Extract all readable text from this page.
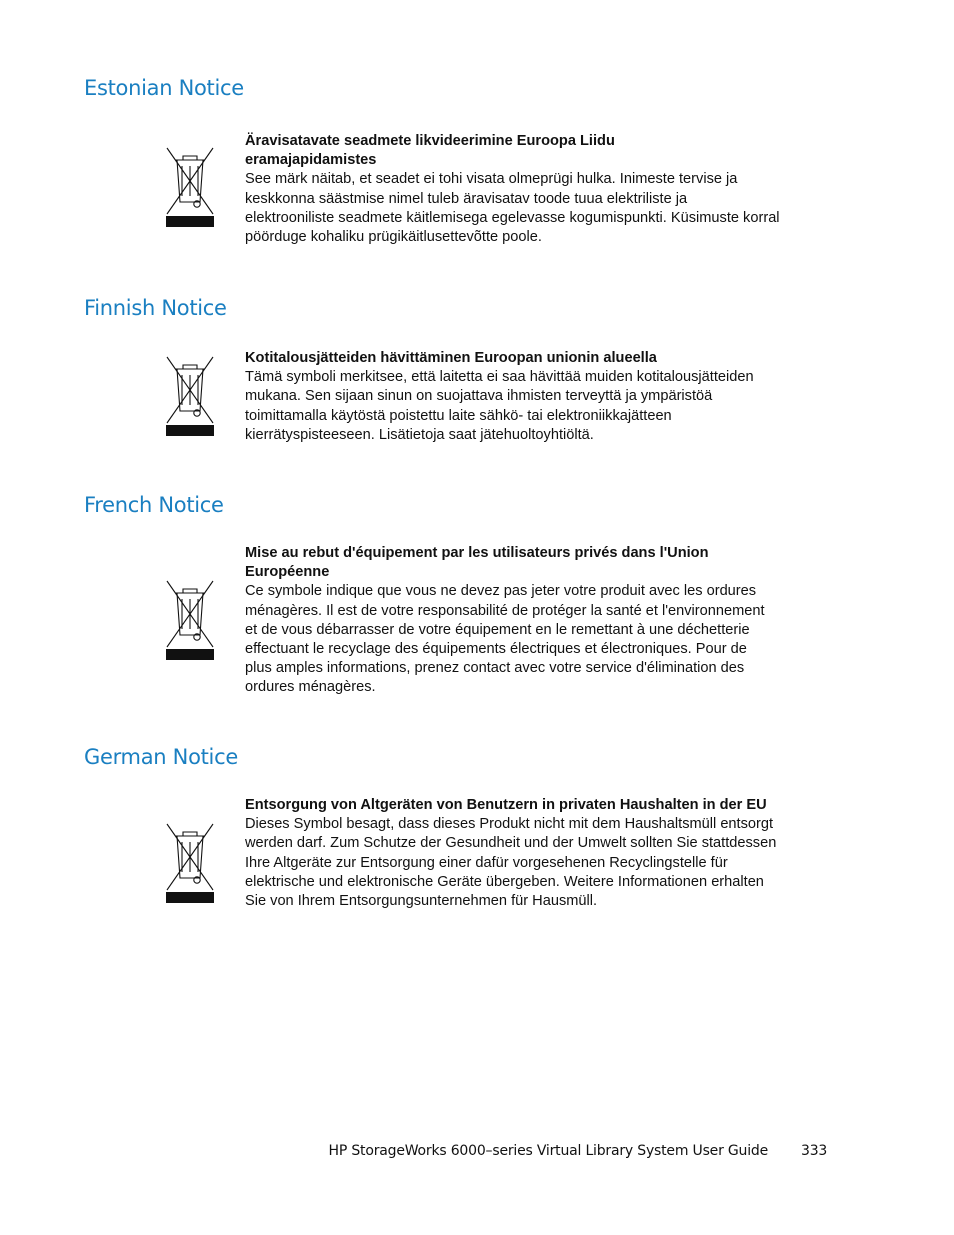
Estonian Notice
Äravisatavate seadmete likvideerimine Euroopa Liidu eramajapidamistes
See märk näitab, et seadet ei tohi visata olmeprügi hulka. Inimeste tervise ja keskkonna säästmise nimel tuleb äravisatav toode tuua elektriliste ja elektrooniliste seadmete käitlemisega egelevasse kogumispunkti. Küsimuste korral pöörduge kohaliku prügikäitlusettevõtte poole.
Finnish Notice
Kotitalousjätteiden hävittäminen Euroopan unionin alueella
Tämä symboli merkitsee, että laitetta ei saa hävittää muiden kotitalousjätteiden mukana. Sen sijaan sinun on suojattava ihmisten terveyttä ja ympäristöä toimittamalla käytöstä poistettu laite sähkö- tai elektroniikkajätteen kierrätyspisteeseen. Lisätietoja saat jätehuoltoyhtiöltä.
French Notice
Mise au rebut d'équipement par les utilisateurs privés dans l'Union Européenne
Ce symbole indique que vous ne devez pas jeter votre produit avec les ordures ménagères. Il est de votre responsabilité de protéger la santé et l'environnement et de vous débarrasser de votre équipement en le remettant à une déchetterie effectuant le recyclage des équipements électriques et électroniques. Pour de plus amples informations, prenez contact avec votre service d'élimination des ordures ménagères.
German Notice
Entsorgung von Altgeräten von Benutzern in privaten Haushalten in der EU
Dieses Symbol besagt, dass dieses Produkt nicht mit dem Haushaltsmüll entsorgt werden darf. Zum Schutze der Gesundheit und der Umwelt sollten Sie stattdessen Ihre Altgeräte zur Entsorgung einer dafür vorgesehenen Recyclingstelle für elektrische und elektronische Geräte übergeben. Weitere Informationen erhalten Sie von Ihrem Entsorgungsunternehmen für Hausmüll.
HP StorageWorks 6000–series Virtual Library System User Guide 333
